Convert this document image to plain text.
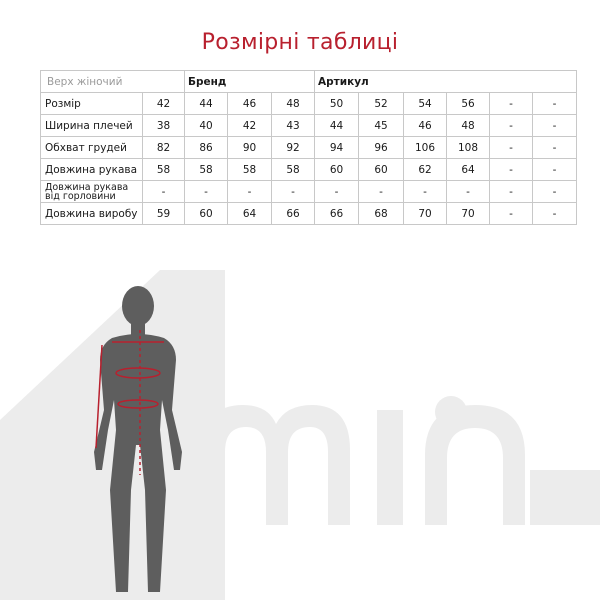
Розмірні таблиці
Верх жіночий		Бренд			Артикул					

Розмір	42	44	46	48	50	52	54	56	-	-

Ширина плечей	38	40	42	43	44	45	46	48	-	-

Обхват грудей	82	86	90	92	94	96	106	108	-	-

Довжина рукава	58	58	58	58	60	60	62	64	-	-

Довжина рукава
від горловини	-	-	-	-	-	-	-	-	-	-

Довжина виробу	59	60	64	66	66	68	70	70	-	-
